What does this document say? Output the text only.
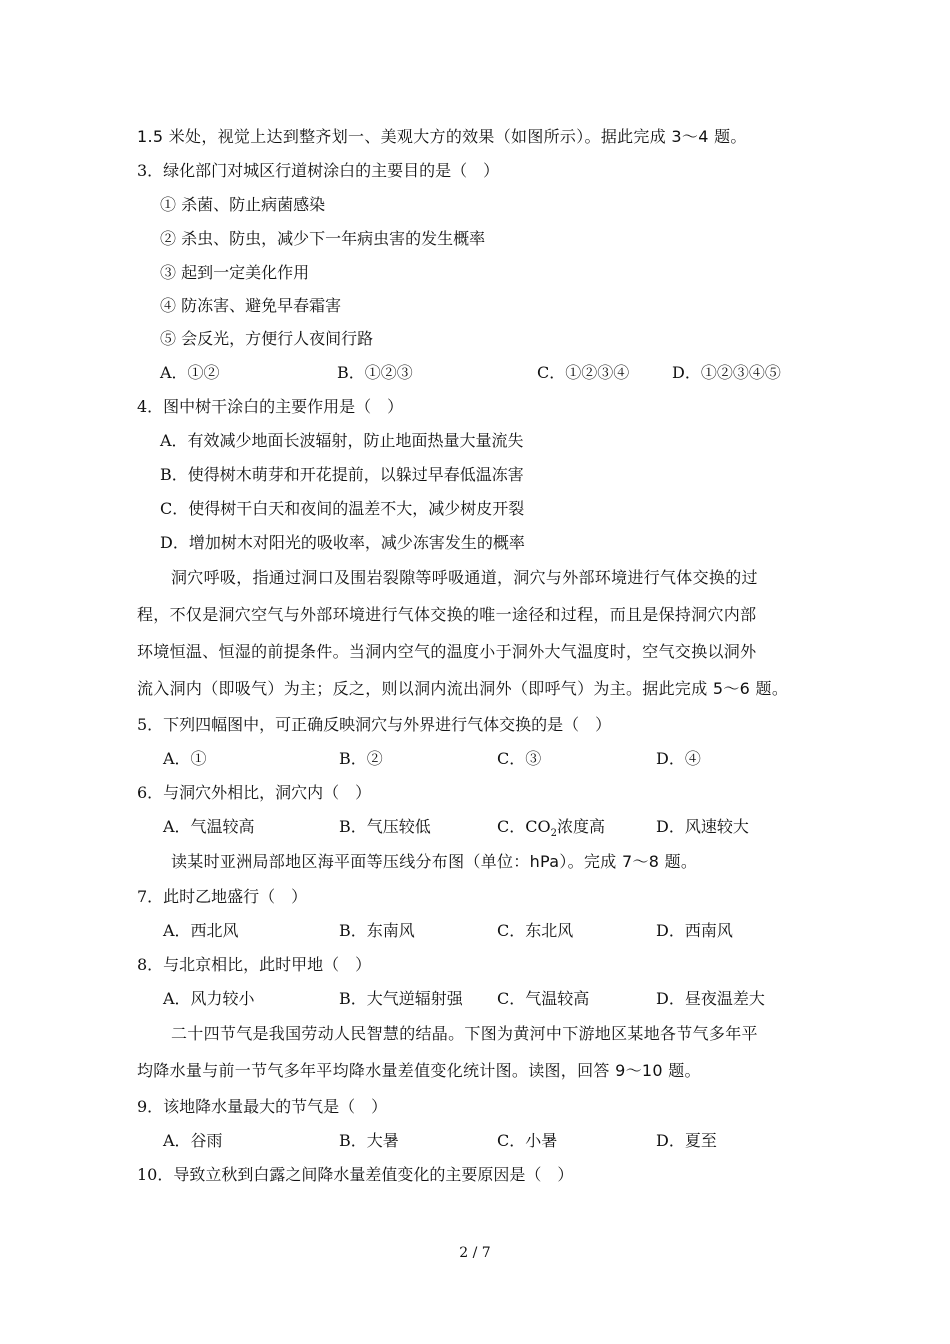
1.5 米处，视觉上达到整齐划一、美观大方的效果（如图所示）。据此完成 3～4 题。
3．绿化部门对城区行道树涂白的主要目的是（　）
① 杀菌、防止病菌感染
② 杀虫、防虫，减少下一年病虫害的发生概率
③ 起到一定美化作用
④ 防冻害、避免早春霜害
⑤ 会反光，方便行人夜间行路
A．①②	B．①②③	C．①②③④	D．①②③④⑤
4．图中树干涂白的主要作用是（　）
A．有效减少地面长波辐射，防止地面热量大量流失
B．使得树木萌芽和开花提前，以躲过早春低温冻害
C．使得树干白天和夜间的温差不大，减少树皮开裂
D．增加树木对阳光的吸收率，减少冻害发生的概率
洞穴呼吸，指通过洞口及围岩裂隙等呼吸通道，洞穴与外部环境进行气体交换的过
程，不仅是洞穴空气与外部环境进行气体交换的唯一途径和过程，而且是保持洞穴内部
环境恒温、恒湿的前提条件。当洞内空气的温度小于洞外大气温度时，空气交换以洞外
流入洞内（即吸气）为主；反之，则以洞内流出洞外（即呼气）为主。据此完成 5～6 题。
5．下列四幅图中，可正确反映洞穴与外界进行气体交换的是（　）
A．①	B．②	C．③	D．④
6．与洞穴外相比，洞穴内（　）
A．气温较高	B．气压较低	C．$CO_2$浓度高	D．风速较大
读某时亚洲局部地区海平面等压线分布图（单位：hPa）。完成 7～8 题。
7．此时乙地盛行（　）
A．西北风	B．东南风	C．东北风	D．西南风
8．与北京相比，此时甲地（　）
A．风力较小	B．大气逆辐射强 C．气温较高	D．昼夜温差大
二十四节气是我国劳动人民智慧的结晶。下图为黄河中下游地区某地各节气多年平
均降水量与前一节气多年平均降水量差值变化统计图。读图，回答 9～10 题。
9．该地降水量最大的节气是（　）
A．谷雨	B．大暑	C．小暑	D．夏至
10．导致立秋到白露之间降水量差值变化的主要原因是（　）
2 / 7
